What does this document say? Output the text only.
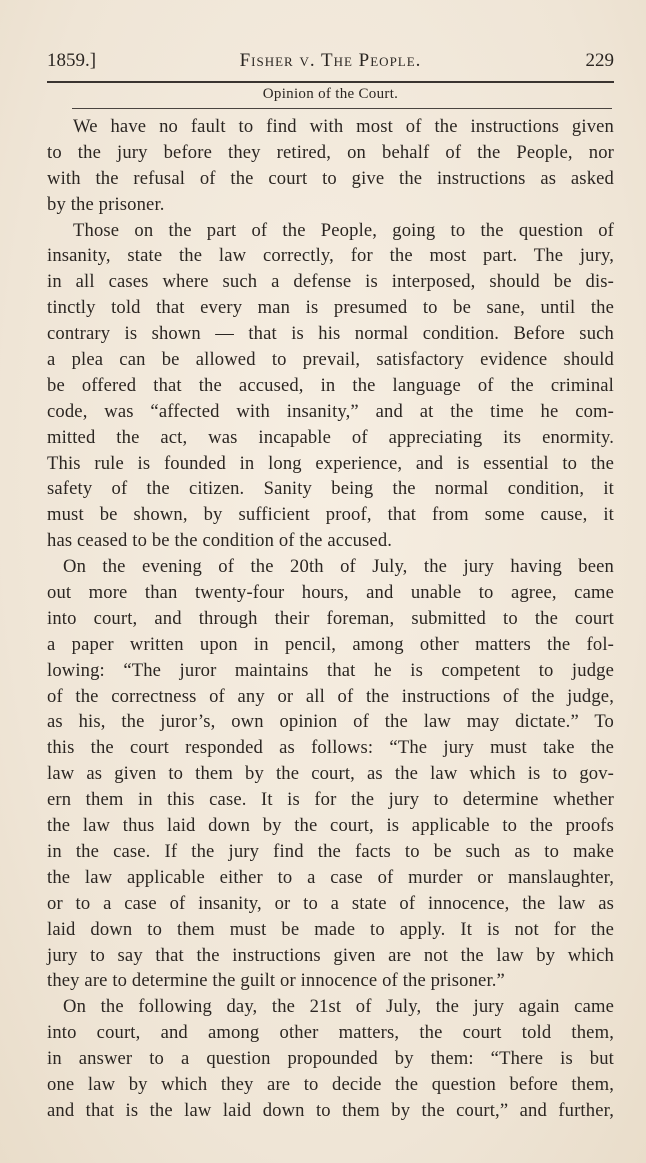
1859.]	Fisher v. The People.	229
Opinion of the Court.
We have no fault to find with most of the instructions given
to the jury before they retired, on behalf of the People, nor
with the refusal of the court to give the instructions as asked
by the prisoner.
Those on the part of the People, going to the question of
insanity, state the law correctly, for the most part. The jury,
in all cases where such a defense is interposed, should be dis-
tinctly told that every man is presumed to be sane, until the
contrary is shown — that is his normal condition. Before such
a plea can be allowed to prevail, satisfactory evidence should
be offered that the accused, in the language of the criminal
code, was “affected with insanity,” and at the time he com-
mitted the act, was incapable of appreciating its enormity.
This rule is founded in long experience, and is essential to the
safety of the citizen. Sanity being the normal condition, it
must be shown, by sufficient proof, that from some cause, it
has ceased to be the condition of the accused.
On the evening of the 20th of July, the jury having been
out more than twenty-four hours, and unable to agree, came
into court, and through their foreman, submitted to the court
a paper written upon in pencil, among other matters the fol-
lowing: “The juror maintains that he is competent to judge
of the correctness of any or all of the instructions of the judge,
as his, the juror’s, own opinion of the law may dictate.” To
this the court responded as follows: “The jury must take the
law as given to them by the court, as the law which is to gov-
ern them in this case. It is for the jury to determine whether
the law thus laid down by the court, is applicable to the proofs
in the case. If the jury find the facts to be such as to make
the law applicable either to a case of murder or manslaughter,
or to a case of insanity, or to a state of innocence, the law as
laid down to them must be made to apply. It is not for the
jury to say that the instructions given are not the law by which
they are to determine the guilt or innocence of the prisoner.”
On the following day, the 21st of July, the jury again came
into court, and among other matters, the court told them,
in answer to a question propounded by them: “There is but
one law by which they are to decide the question before them,
and that is the law laid down to them by the court,” and further,
